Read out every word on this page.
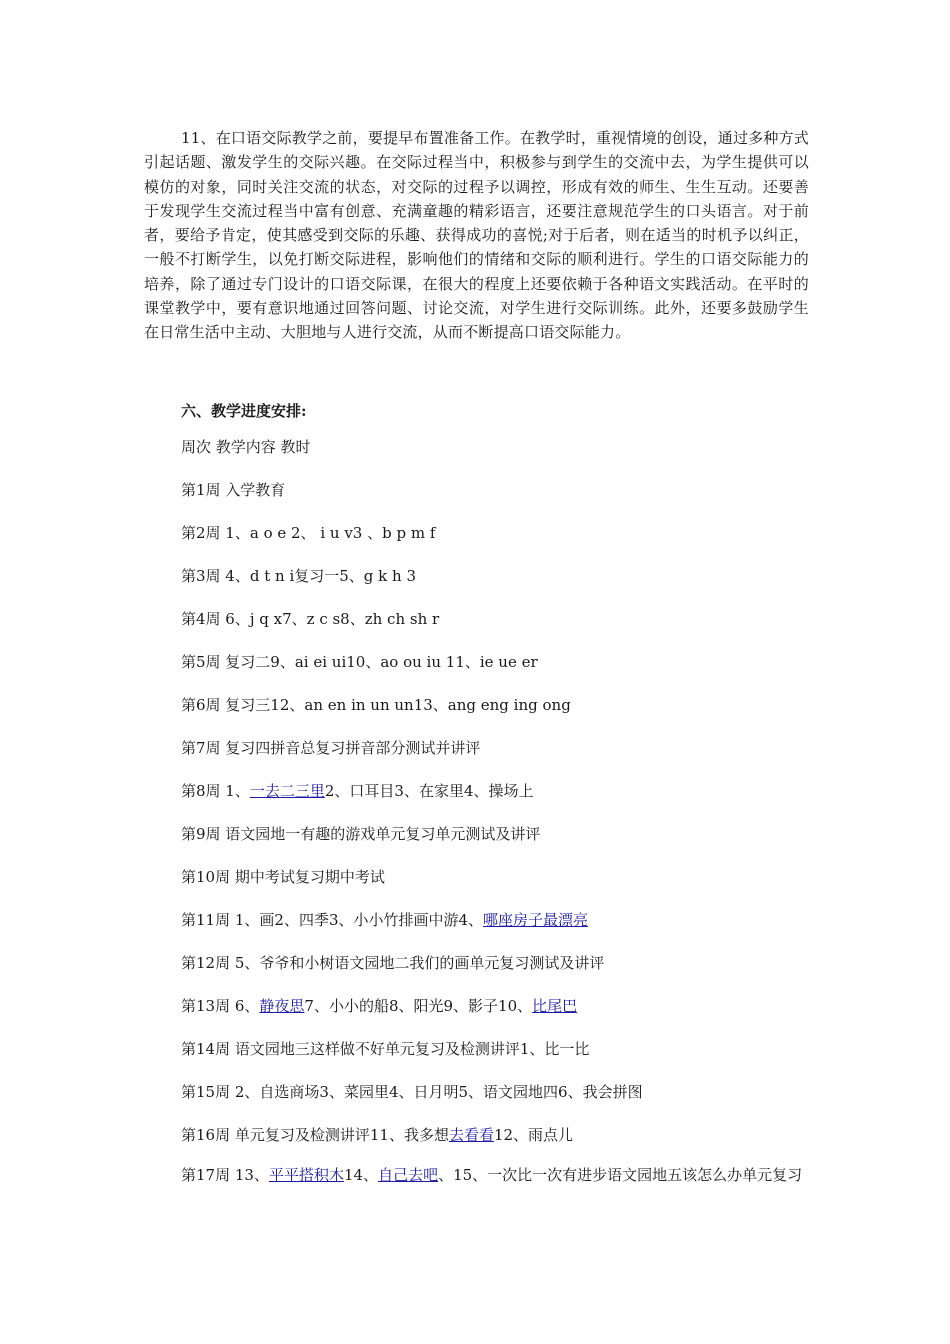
11、在口语交际教学之前，要提早布置准备工作。在教学时，重视情境的创设，通过多种方式引起话题、激发学生的交际兴趣。在交际过程当中，积极参与到学生的交流中去，为学生提供可以模仿的对象，同时关注交流的状态，对交际的过程予以调控，形成有效的师生、生生互动。还要善于发现学生交流过程当中富有创意、充满童趣的精彩语言，还要注意规范学生的口头语言。对于前者，要给予肯定，使其感受到交际的乐趣、获得成功的喜悦;对于后者，则在适当的时机予以纠正，一般不打断学生，以免打断交际进程，影响他们的情绪和交际的顺利进行。学生的口语交际能力的培养，除了通过专门设计的口语交际课，在很大的程度上还要依赖于各种语文实践活动。在平时的课堂教学中，要有意识地通过回答问题、讨论交流，对学生进行交际训练。此外，还要多鼓励学生在日常生活中主动、大胆地与人进行交流，从而不断提高口语交际能力。

六、教学进度安排:

周次 教学内容 教时

第1周 入学教育

第2周 1、a o e 2、 i u v3 、b p m f

第3周 4、d t n i复习一5、g k h 3

第4周 6、j q x7、z c s8、zh ch sh r

第5周 复习二9、ai ei ui10、ao ou iu 11、ie ue er

第6周 复习三12、an en in un un13、ang eng ing ong

第7周 复习四拼音总复习拼音部分测试并讲评

第8周 1、一去二三里2、口耳目3、在家里4、操场上

第9周 语文园地一有趣的游戏单元复习单元测试及讲评

第10周 期中考试复习期中考试

第11周 1、画2、四季3、小小竹排画中游4、哪座房子最漂亮

第12周 5、爷爷和小树语文园地二我们的画单元复习测试及讲评

第13周 6、静夜思7、小小的船8、阳光9、影子10、比尾巴

第14周 语文园地三这样做不好单元复习及检测讲评1、比一比

第15周 2、自选商场3、菜园里4、日月明5、语文园地四6、我会拼图

第16周 单元复习及检测讲评11、我多想去看看12、雨点儿

第17周 13、平平搭积木14、自己去吧、15、一次比一次有进步语文园地五该怎么办单元复习
